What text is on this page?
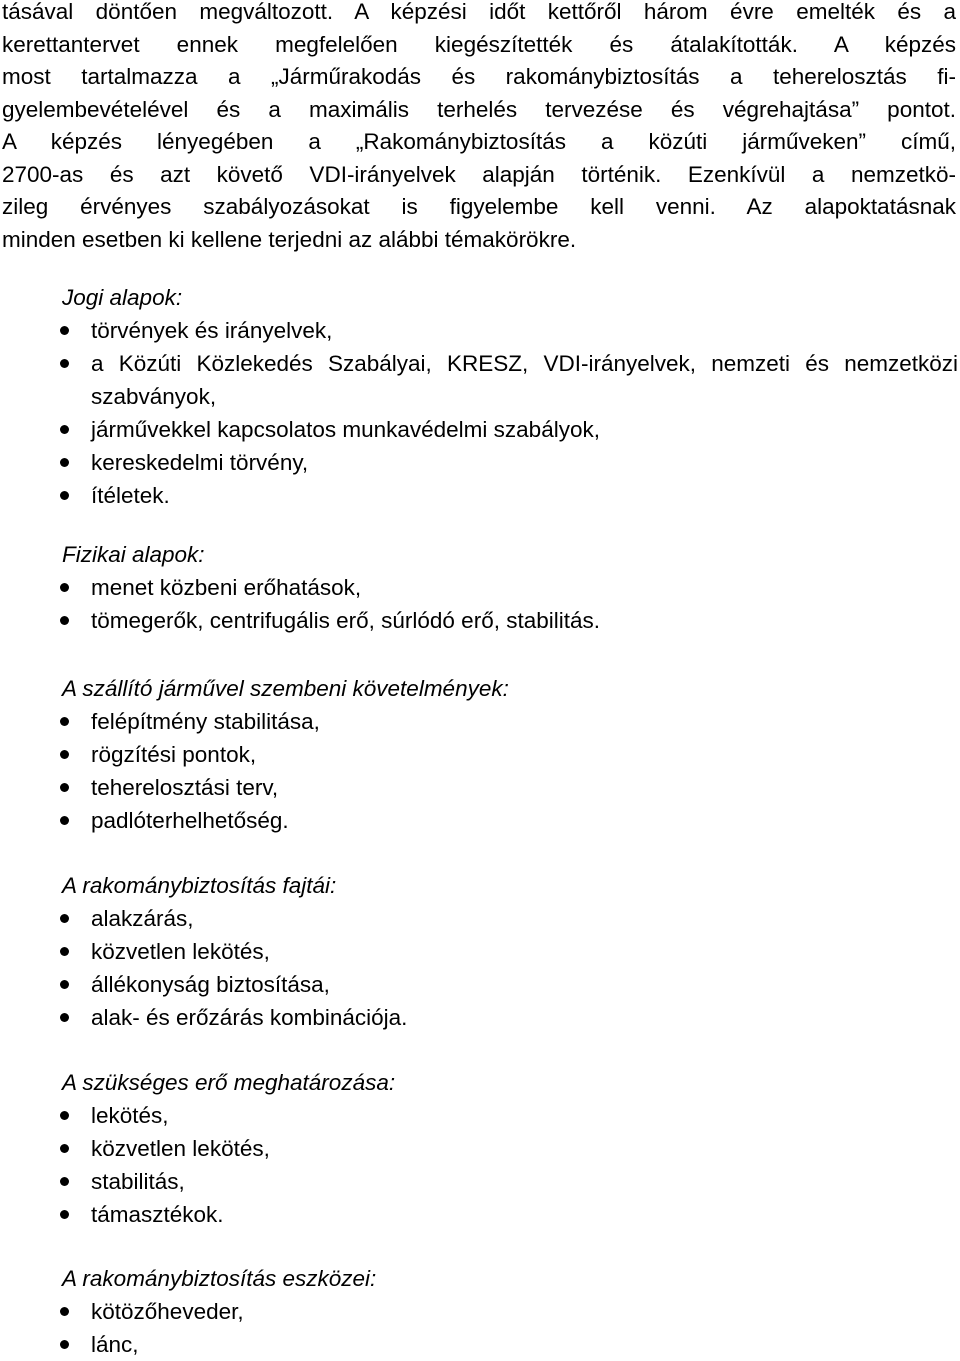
tásával döntően megváltozott. A képzési időt kettőről három évre emelték és a
kerettantervet ennek megfelelően kiegészítették és átalakították. A képzés
most tartalmazza a „Járműrakodás és rakománybiztosítás a teherelosztás fi-
gyelembevételével és a maximális terhelés tervezése és végrehajtása” pontot.
A képzés lényegében a „Rakománybiztosítás a közúti járműveken” című,
2700-as és azt követő VDI-irányelvek alapján történik. Ezenkívül a nemzetkö-
zileg érvényes szabályozásokat is figyelembe kell venni. Az alapoktatásnak
minden esetben ki kellene terjedni az alábbi témakörökre.
Jogi alapok:
törvények és irányelvek,
a Közúti Közlekedés Szabályai, KRESZ, VDI-irányelvek, nemzeti és nemzetközi szabványok,
járművekkel kapcsolatos munkavédelmi szabályok,
kereskedelmi törvény,
ítéletek.
Fizikai alapok:
menet közbeni erőhatások,
tömegerők, centrifugális erő, súrlódó erő, stabilitás.
A szállító járművel szembeni követelmények:
felépítmény stabilitása,
rögzítési pontok,
teherelosztási terv,
padlóterhelhetőség.
A rakománybiztosítás fajtái:
alakzárás,
közvetlen lekötés,
állékonyság biztosítása,
alak- és erőzárás kombinációja.
A szükséges erő meghatározása:
lekötés,
közvetlen lekötés,
stabilitás,
támasztékok.
A rakománybiztosítás eszközei:
kötözőheveder,
lánc,
